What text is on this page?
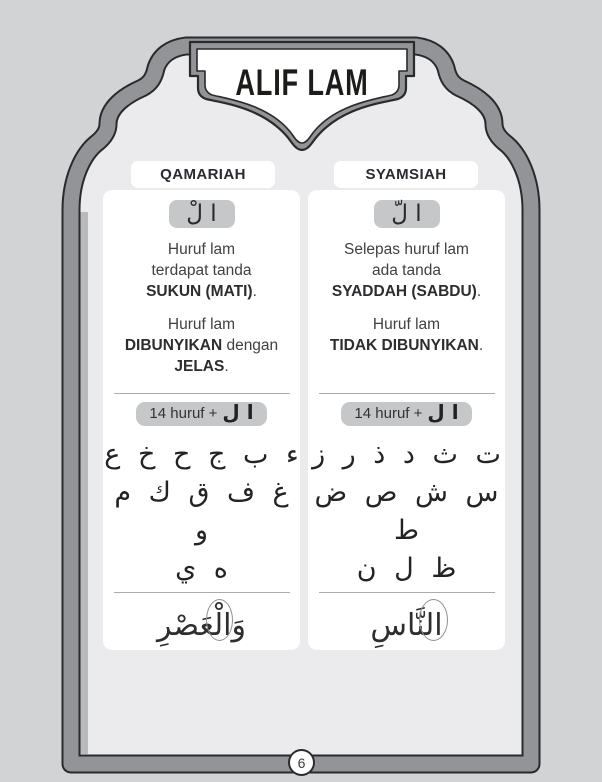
ALIF LAM
QAMARIAH	SYAMSIAH
ا لْ

Huruf lam
terdapat tanda
SUKUN (MATI).

Huruf lam
DIBUNYIKAN dengan
JELAS.

14 huruf + ا ل
ء ب ج ح خ ع
غ ف ق ك م و
ه ي
وَالْعَصْرِ
ا لّ

Selepas huruf lam
ada tanda
SYADDAH (SABDU).

Huruf lam
TIDAK DIBUNYIKAN.

14 huruf + ا ل
ت ث د ذ ر ز
س ش ص ض ط
ظ ل ن
النَّاسِ
6
